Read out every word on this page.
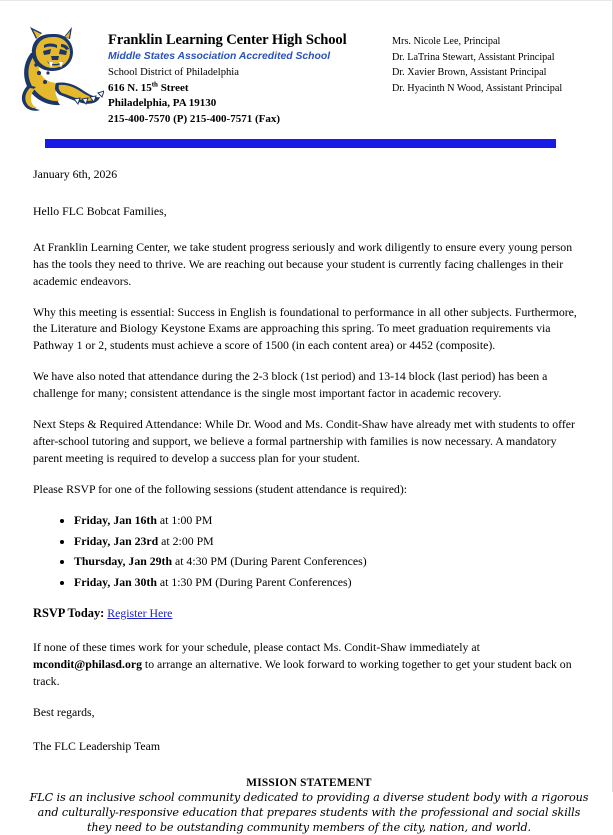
Franklin Learning Center High School
Middle States Association Accredited School
School District of Philadelphia
616 N. 15th Street
Philadelphia, PA 19130
215-400-7570 (P) 215-400-7571 (Fax)
Mrs. Nicole Lee, Principal
Dr. LaTrina Stewart, Assistant Principal
Dr. Xavier Brown, Assistant Principal
Dr. Hyacinth N Wood, Assistant Principal

January 6th, 2026

Hello FLC Bobcat Families,

At Franklin Learning Center, we take student progress seriously and work diligently to ensure every young person has the tools they need to thrive. We are reaching out because your student is currently facing challenges in their academic endeavors.

Why this meeting is essential: Success in English is foundational to performance in all other subjects. Furthermore, the Literature and Biology Keystone Exams are approaching this spring. To meet graduation requirements via Pathway 1 or 2, students must achieve a score of 1500 (in each content area) or 4452 (composite).

We have also noted that attendance during the 2-3 block (1st period) and 13-14 block (last period) has been a challenge for many; consistent attendance is the single most important factor in academic recovery.

Next Steps & Required Attendance: While Dr. Wood and Ms. Condit-Shaw have already met with students to offer after-school tutoring and support, we believe a formal partnership with families is now necessary. A mandatory parent meeting is required to develop a success plan for your student.

Please RSVP for one of the following sessions (student attendance is required):

• Friday, Jan 16th at 1:00 PM
• Friday, Jan 23rd at 2:00 PM
• Thursday, Jan 29th at 4:30 PM (During Parent Conferences)
• Friday, Jan 30th at 1:30 PM (During Parent Conferences)

RSVP Today: Register Here

If none of these times work for your schedule, please contact Ms. Condit-Shaw immediately at mcondit@philasd.org to arrange an alternative. We look forward to working together to get your student back on track.

Best regards,

The FLC Leadership Team

MISSION STATEMENT
FLC is an inclusive school community dedicated to providing a diverse student body with a rigorous and culturally-responsive education that prepares students with the professional and social skills they need to be outstanding community members of the city, nation, and world.
